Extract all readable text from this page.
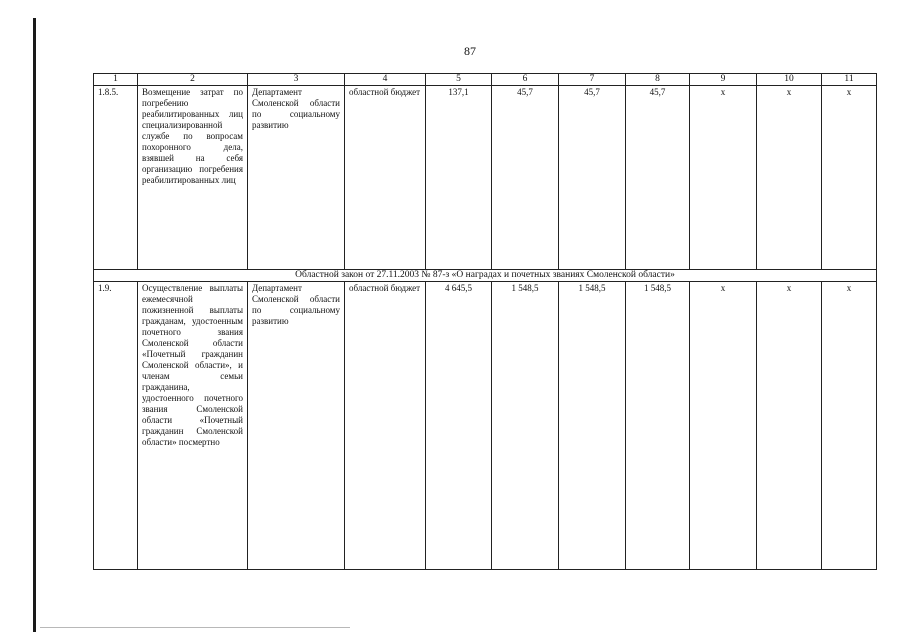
87
1	2	3	4	5	6	7	8	9	10	11
1.8.5.	Возмещение затрат по погребению реабилитированных лиц специализированной службе по вопросам похоронного дела, взявшей на себя организацию погребения реабилитированных лиц	Департамент Смоленской области по социальному развитию	областной бюджет	137,1	45,7	45,7	45,7	x	x	x
Областной закон от 27.11.2003 № 87-з «О наградах и почетных званиях Смоленской области»										
1.9.	Осуществление выплаты ежемесячной пожизненной выплаты гражданам, удостоенным почетного звания Смоленской области «Почетный гражданин Смоленской области», и членам семьи гражданина, удостоенного почетного звания Смоленской области «Почетный гражданин Смоленской области» посмертно	Департамент Смоленской области по социальному развитию	областной бюджет	4 645,5	1 548,5	1 548,5	1 548,5	x	x	x
